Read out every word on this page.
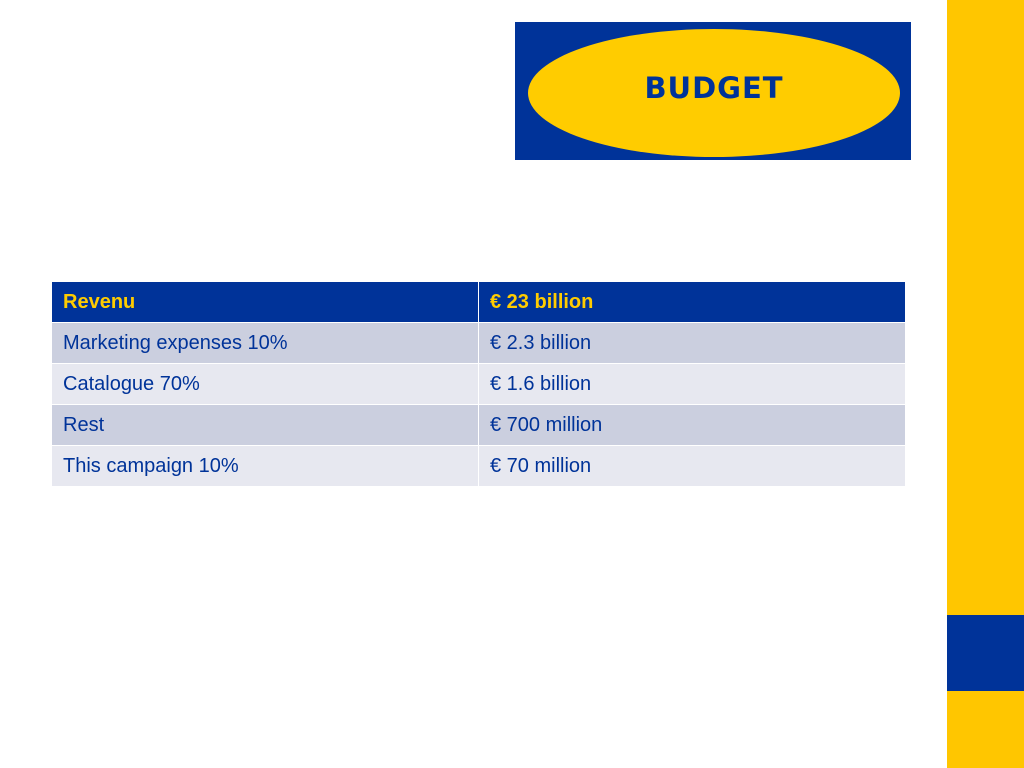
BUDGET
Revenu	€ 23 billion
Marketing expenses 10%	€ 2.3 billion
Catalogue 70%	€ 1.6 billion
Rest	€ 700 million
This campaign 10%	€ 70 million
